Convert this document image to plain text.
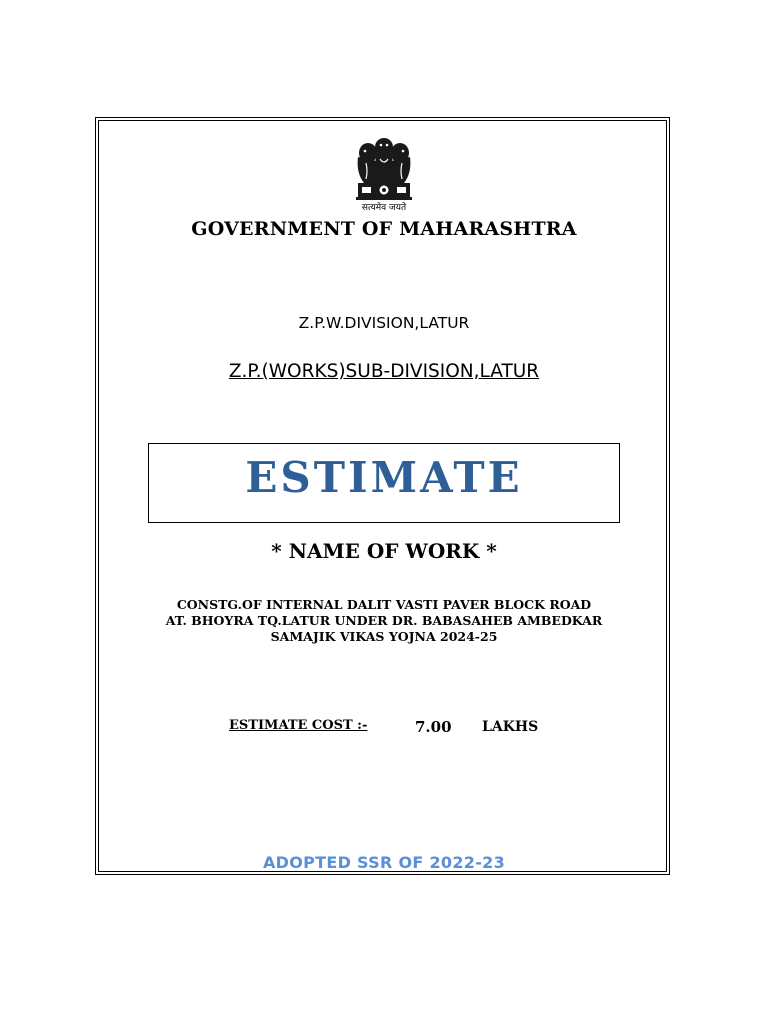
सत्यमेव जयते
GOVERNMENT OF MAHARASHTRA
Z.P.W.DIVISION,LATUR
Z.P.(WORKS)SUB-DIVISION,LATUR
ESTIMATE
* NAME OF WORK *
CONSTG.OF INTERNAL DALIT VASTI PAVER BLOCK ROAD
AT. BHOYRA TQ.LATUR UNDER DR. BABASAHEB AMBEDKAR
SAMAJIK VIKAS YOJNA 2024-25
ESTIMATE COST :-	7.00 LAKHS
ADOPTED SSR OF 2022-23
